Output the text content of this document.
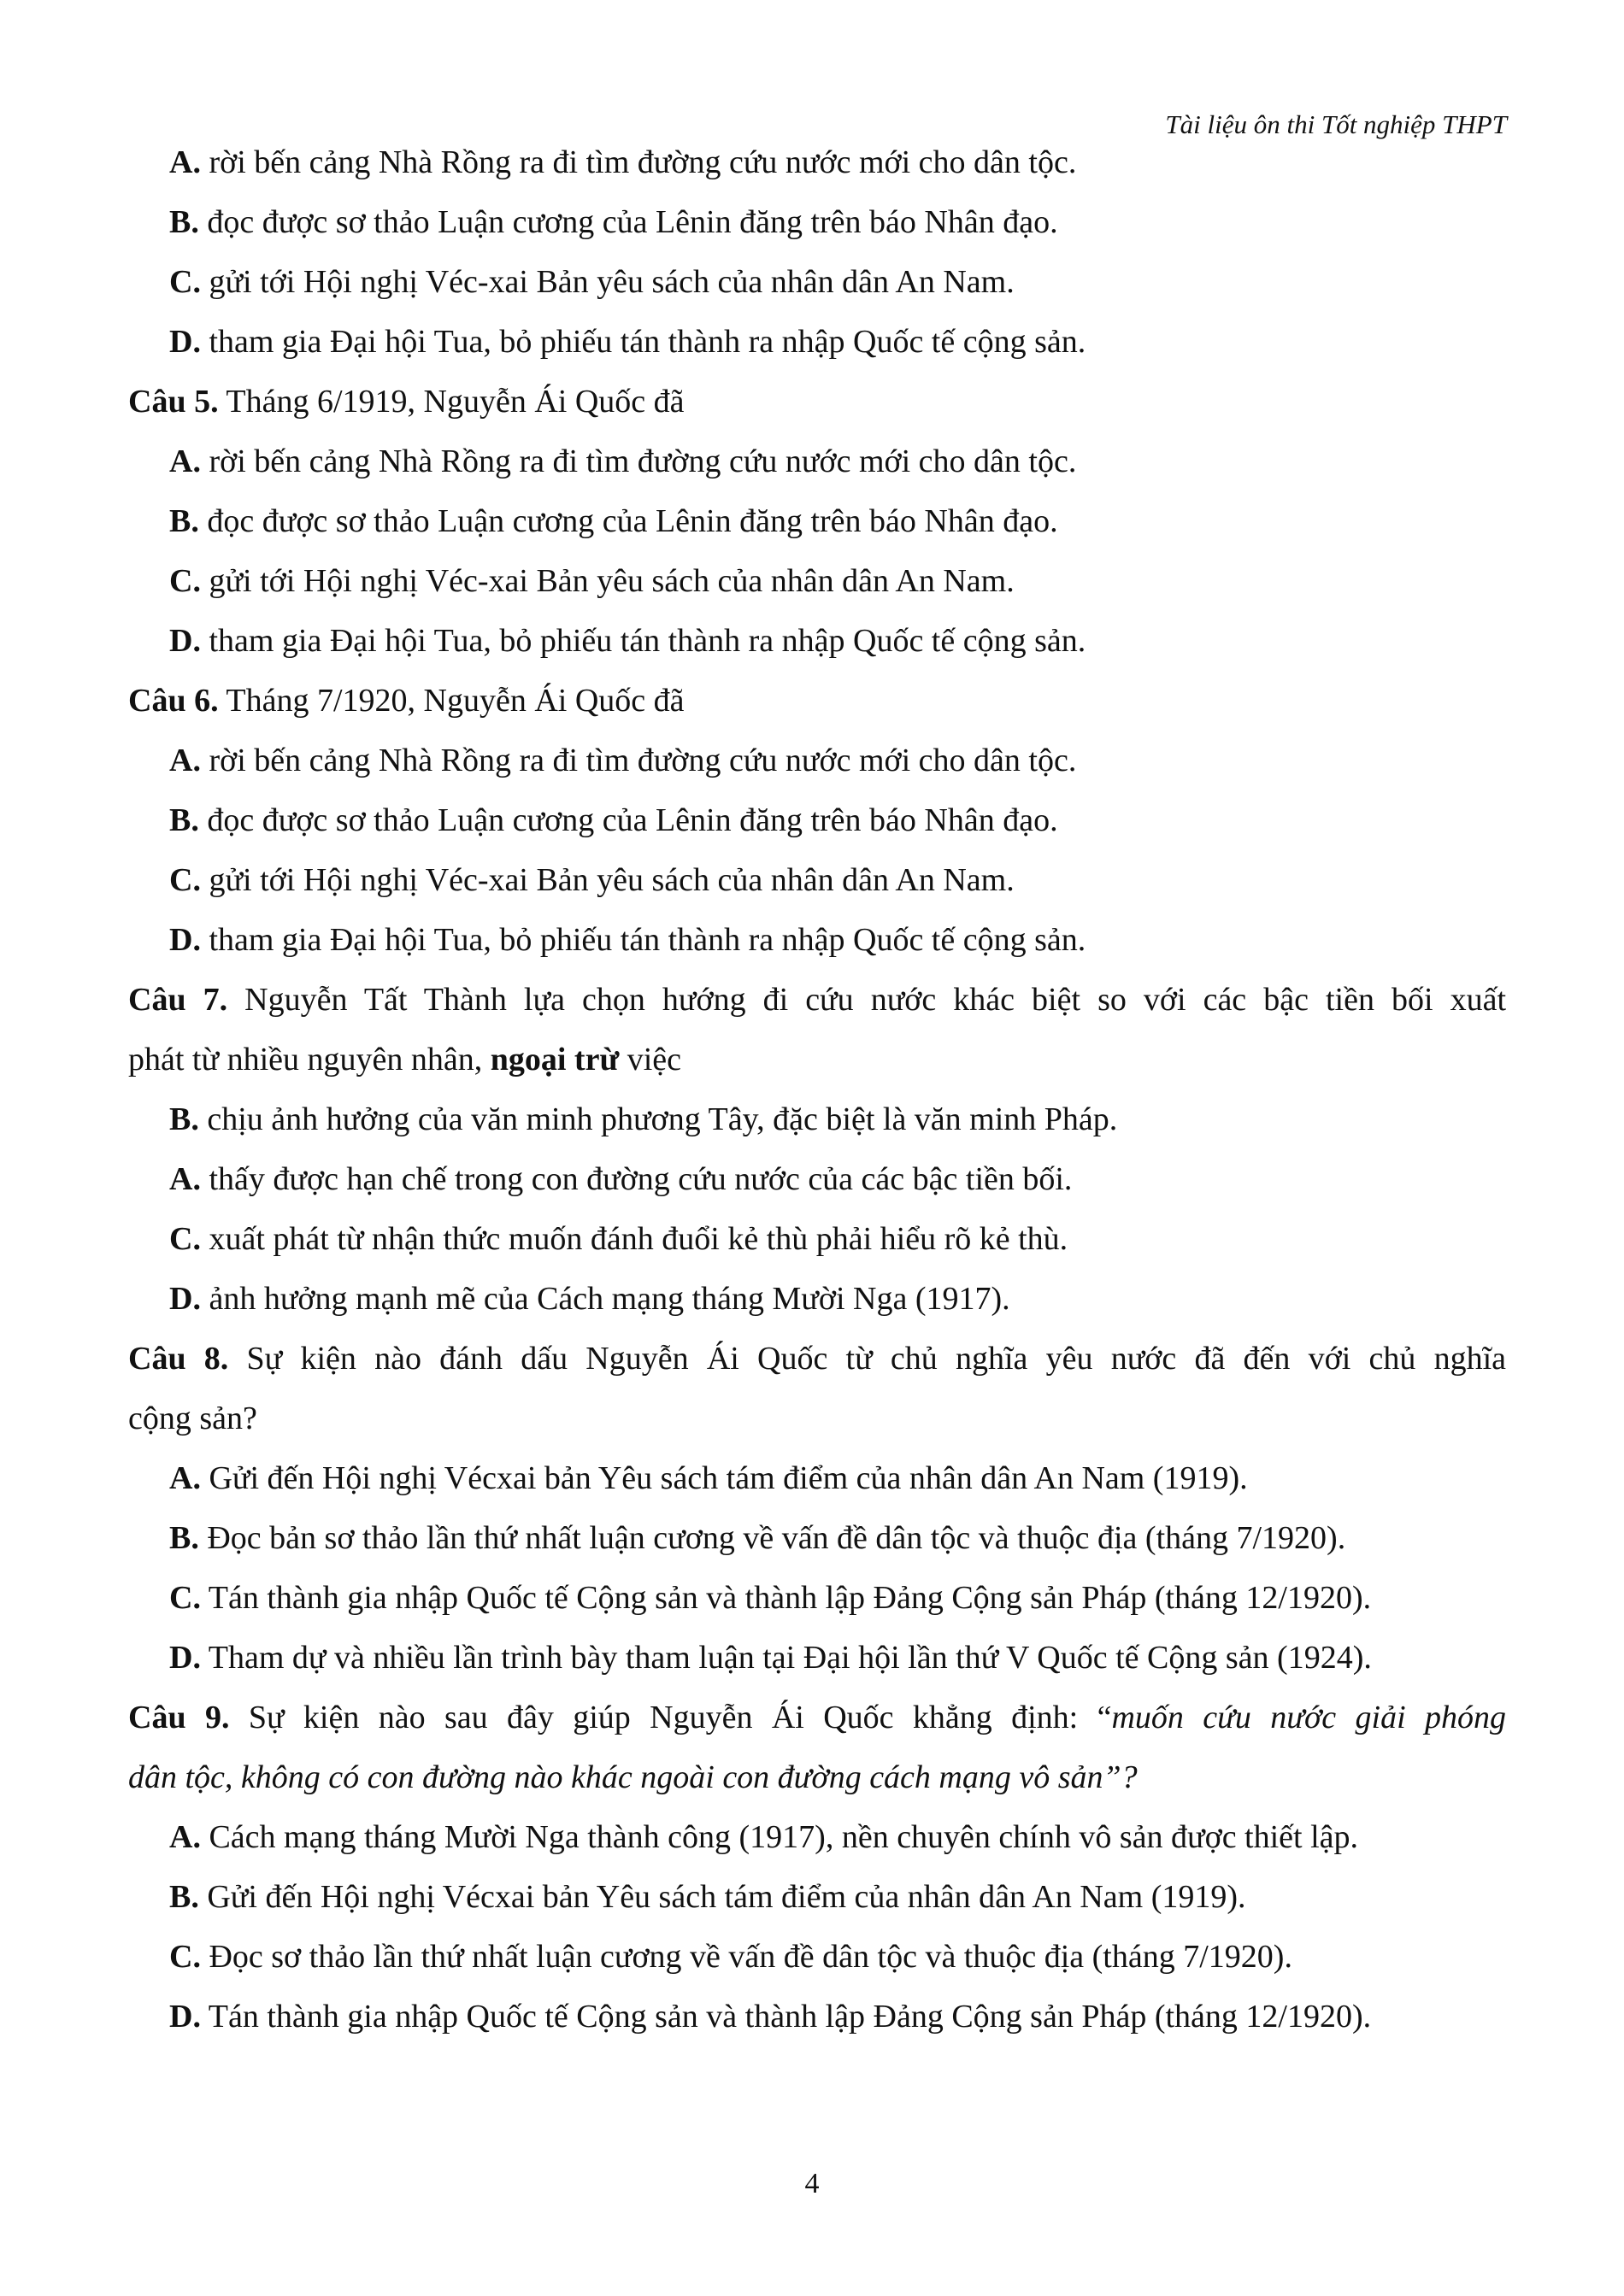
Tài liệu ôn thi Tốt nghiệp THPT
A. rời bến cảng Nhà Rồng ra đi tìm đường cứu nước mới cho dân tộc.
B. đọc được sơ thảo Luận cương của Lênin đăng trên báo Nhân đạo.
C. gửi tới Hội nghị Véc-xai Bản yêu sách của nhân dân An Nam.
D. tham gia Đại hội Tua, bỏ phiếu tán thành ra nhập Quốc tế cộng sản.
Câu 5. Tháng 6/1919, Nguyễn Ái Quốc đã
A. rời bến cảng Nhà Rồng ra đi tìm đường cứu nước mới cho dân tộc.
B. đọc được sơ thảo Luận cương của Lênin đăng trên báo Nhân đạo.
C. gửi tới Hội nghị Véc-xai Bản yêu sách của nhân dân An Nam.
D. tham gia Đại hội Tua, bỏ phiếu tán thành ra nhập Quốc tế cộng sản.
Câu 6. Tháng 7/1920, Nguyễn Ái Quốc đã
A. rời bến cảng Nhà Rồng ra đi tìm đường cứu nước mới cho dân tộc.
B. đọc được sơ thảo Luận cương của Lênin đăng trên báo Nhân đạo.
C. gửi tới Hội nghị Véc-xai Bản yêu sách của nhân dân An Nam.
D. tham gia Đại hội Tua, bỏ phiếu tán thành ra nhập Quốc tế cộng sản.
Câu 7. Nguyễn Tất Thành lựa chọn hướng đi cứu nước khác biệt so với các bậc tiền bối xuất
phát từ nhiều nguyên nhân, ngoại trừ việc
B. chịu ảnh hưởng của văn minh phương Tây, đặc biệt là văn minh Pháp.
A. thấy được hạn chế trong con đường cứu nước của các bậc tiền bối.
C. xuất phát từ nhận thức muốn đánh đuổi kẻ thù phải hiểu rõ kẻ thù.
D. ảnh hưởng mạnh mẽ của Cách mạng tháng Mười Nga (1917).
Câu 8. Sự kiện nào đánh dấu Nguyễn Ái Quốc từ chủ nghĩa yêu nước đã đến với chủ nghĩa
cộng sản?
A. Gửi đến Hội nghị Vécxai bản Yêu sách tám điểm của nhân dân An Nam (1919).
B. Đọc bản sơ thảo lần thứ nhất luận cương về vấn đề dân tộc và thuộc địa (tháng 7/1920).
C. Tán thành gia nhập Quốc tế Cộng sản và thành lập Đảng Cộng sản Pháp (tháng 12/1920).
D. Tham dự và nhiều lần trình bày tham luận tại Đại hội lần thứ V Quốc tế Cộng sản (1924).
Câu 9. Sự kiện nào sau đây giúp Nguyễn Ái Quốc khẳng định: “muốn cứu nước giải phóng
dân tộc, không có con đường nào khác ngoài con đường cách mạng vô sản”?
A. Cách mạng tháng Mười Nga thành công (1917), nền chuyên chính vô sản được thiết lập.
B. Gửi đến Hội nghị Vécxai bản Yêu sách tám điểm của nhân dân An Nam (1919).
C. Đọc sơ thảo lần thứ nhất luận cương về vấn đề dân tộc và thuộc địa (tháng 7/1920).
D. Tán thành gia nhập Quốc tế Cộng sản và thành lập Đảng Cộng sản Pháp (tháng 12/1920).
4
